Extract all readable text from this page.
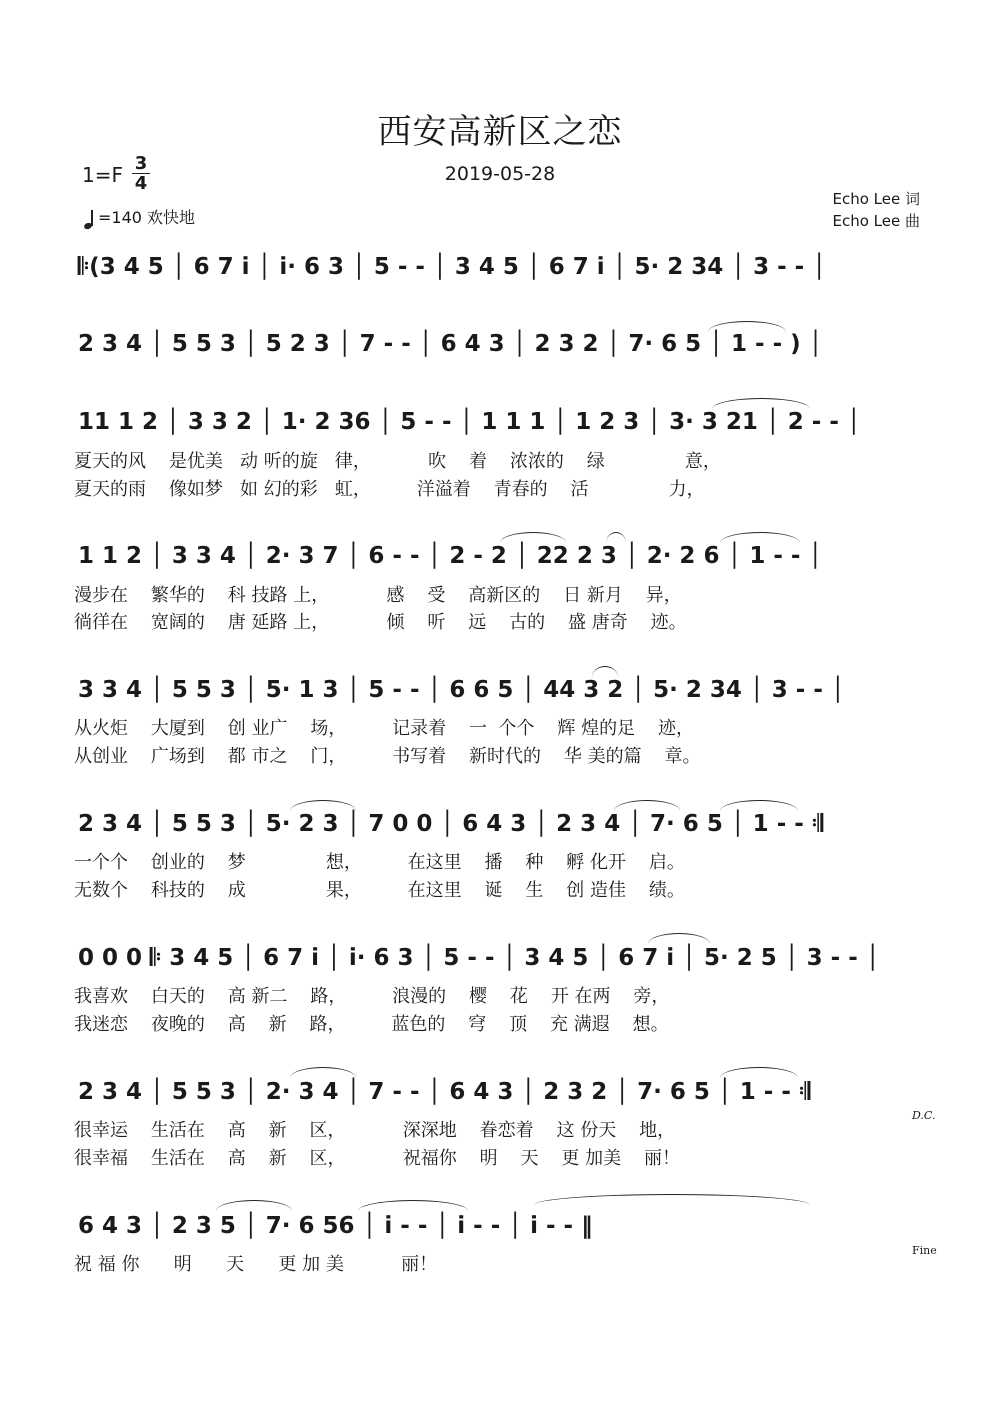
西安高新区之恋
2019-05-28
1=F 3
4
=140 欢快地
Echo Lee 词
Echo Lee 曲
𝄆(3 4 5 │ 6 7 i̇ │ i̇· 6 3 │ 5 - - │ 3 4 5 │ 6 7 i̇ │ 5· 2 34 │ 3 - - │
2 3 4 │ 5 5 3 │ 5 2 3 │ 7 - - │ 6 4 3 │ 2 3 2 │ 7· 6 5 │ 1 - - ) │
11 1 2 │ 3 3 2 │ 1· 2 36 │ 5 - - │ 1 1 1 │ 1 2 3 │ 3· 3 21 │ 2 - - │
夏天的风    是优美   动 听的旋   律，          吹    着    浓浓的    绿              意，
夏天的雨    像如梦   如 幻的彩   虹，        洋溢着    青春的    活              力，
1 1 2 │ 3 3 4 │ 2· 3 7 │ 6 - - │ 2 - 2 │ 22 2 3 │ 2· 2 6 │ 1 - - │
漫步在    繁华的    科 技路 上，          感    受    高新区的    日 新月    异，
徜徉在    宽阔的    唐 延路 上，          倾    听    远    古的    盛 唐奇    迹。
3 3 4 │ 5 5 3 │ 5· 1 3 │ 5 - - │ 6 6 5 │ 44 3 2 │ 5· 2 34 │ 3 - - │
从火炬    大厦到    创 业广    场，        记录着    一  个个    辉 煌的足    迹，
从创业    广场到    都 市之    门，        书写着    新时代的    华 美的篇    章。
2 3 4 │ 5 5 3 │ 5· 2 3 │ 7 0 0 │ 6 4 3 │ 2 3 4 │ 7· 6 5 │ 1 - - 𝄇
一个个    创业的    梦              想，        在这里    播    种    孵 化开    启。
无数个    科技的    成              果，        在这里    诞    生    创 造佳    绩。
0 0 0 𝄆 3 4 5 │ 6 7 i̇ │ i̇· 6 3 │ 5 - - │ 3 4 5 │ 6 7 i̇ │ 5· 2 5 │ 3 - - │
我喜欢    白天的    高 新二    路，        浪漫的    樱    花    开 在两    旁，
我迷恋    夜晚的    高    新    路，        蓝色的    穹    顶    充 满遐    想。
2 3 4 │ 5 5 3 │ 2· 3 4 │ 7 - - │ 6 4 3 │ 2 3 2 │ 7· 6 5 │ 1 - - 𝄇
D.C.
很幸运    生活在    高    新    区，          深深地    眷恋着    这 份天    地，
很幸福    生活在    高    新    区，          祝福你    明    天    更 加美    丽！
6 4 3 │ 2 3 5 │ 7· 6 56 │ i̇ - - │ i̇ - - │ i̇ - - ‖
Fine
祝 福 你      明      天      更 加 美          丽！
